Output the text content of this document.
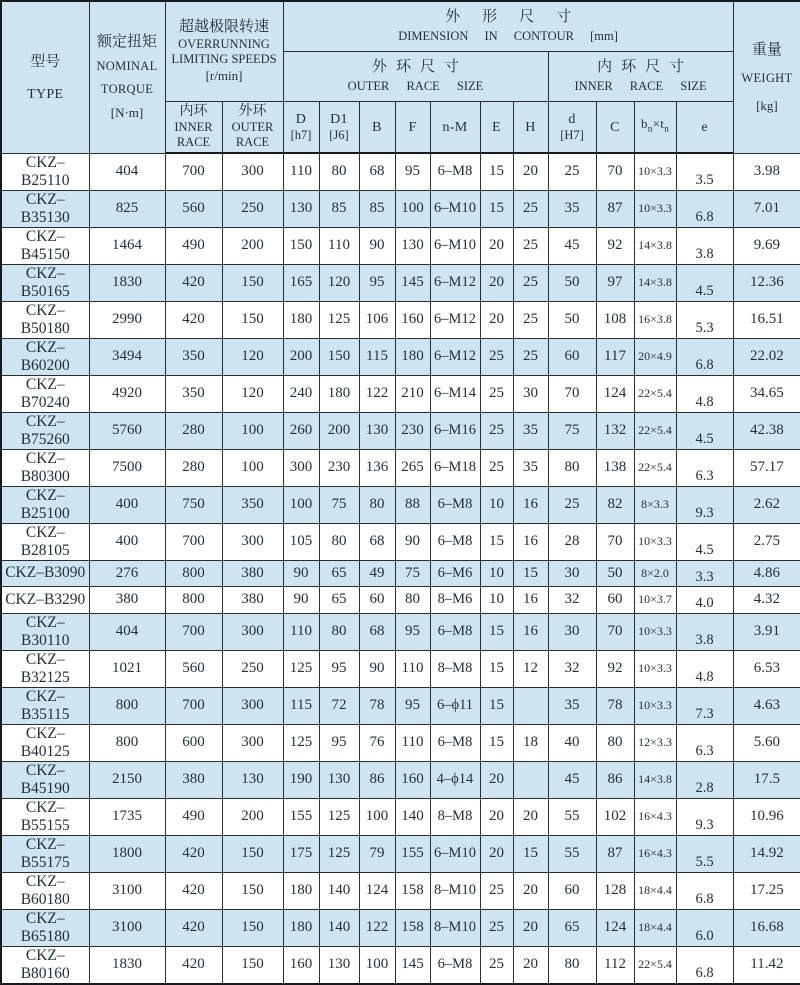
型号
TYPE

额定扭矩
NOMINAL
TORQUE
[N·m]

超越极限转速
OVERRUNNING
LIMITING SPEEDS
[r/min]

外形尺寸
DIMENSION IN CONTOUR [mm]

重量
WEIGHT
[kg]

外环尺寸
OUTER RACE SIZE

内环尺寸
INNER RACE SIZE

内环
INNER
RACE

外环
OUTER
RACE

D
[h7]

D1
[J6]	B	F	n-M	E	H	
d
[H7]	C	$b_n\times t_n$	e
CKZ–B25110	404	700	300	110	80	68	95	6–M8	15	20	25	70	10×3.3	3.5	3.98
CKZ–B35130	825	560	250	130	85	85	100	6–M10	15	25	35	87	10×3.3	6.8	7.01
CKZ–B45150	1464	490	200	150	110	90	130	6–M10	20	25	45	92	14×3.8	3.8	9.69
CKZ–B50165	1830	420	150	165	120	95	145	6–M12	20	25	50	97	14×3.8	4.5	12.36
CKZ–B50180	2990	420	150	180	125	106	160	6–M12	20	25	50	108	16×3.8	5.3	16.51
CKZ–B60200	3494	350	120	200	150	115	180	6–M12	25	25	60	117	20×4.9	6.8	22.02
CKZ–B70240	4920	350	120	240	180	122	210	6–M14	25	30	70	124	22×5.4	4.8	34.65
CKZ–B75260	5760	280	100	260	200	130	230	6–M16	25	35	75	132	22×5.4	4.5	42.38
CKZ–B80300	7500	280	100	300	230	136	265	6–M18	25	35	80	138	22×5.4	6.3	57.17
CKZ–B25100	400	750	350	100	75	80	88	6–M8	10	16	25	82	8×3.3	9.3	2.62
CKZ–B28105	400	700	300	105	80	68	90	6–M8	15	16	28	70	10×3.3	4.5	2.75
CKZ–B3090	276	800	380	90	65	49	75	6–M6	10	15	30	50	8×2.0	3.3	4.86
CKZ–B3290	380	800	380	90	65	60	80	8–M6	10	16	32	60	10×3.7	4.0	4.32
CKZ–B30110	404	700	300	110	80	68	95	6–M8	15	16	30	70	10×3.3	3.8	3.91
CKZ–B32125	1021	560	250	125	95	90	110	8–M8	15	12	32	92	10×3.3	4.8	6.53
CKZ–B35115	800	700	300	115	72	78	95	6–ϕ11	15		35	78	10×3.3	7.3	4.63
CKZ–B40125	800	600	300	125	95	76	110	6–M8	15	18	40	80	12×3.3	6.3	5.60
CKZ–B45190	2150	380	130	190	130	86	160	4–ϕ14	20		45	86	14×3.8	2.8	17.5
CKZ–B55155	1735	490	200	155	125	100	140	8–M8	20	20	55	102	16×4.3	9.3	10.96
CKZ–B55175	1800	420	150	175	125	79	155	6–M10	20	15	55	87	16×4.3	5.5	14.92
CKZ–B60180	3100	420	150	180	140	124	158	8–M10	25	20	60	128	18×4.4	6.8	17.25
CKZ–B65180	3100	420	150	180	140	122	158	8–M10	25	20	65	124	18×4.4	6.0	16.68
CKZ–B80160	1830	420	150	160	130	100	145	6–M8	25	20	80	112	22×5.4	6.8	11.42
